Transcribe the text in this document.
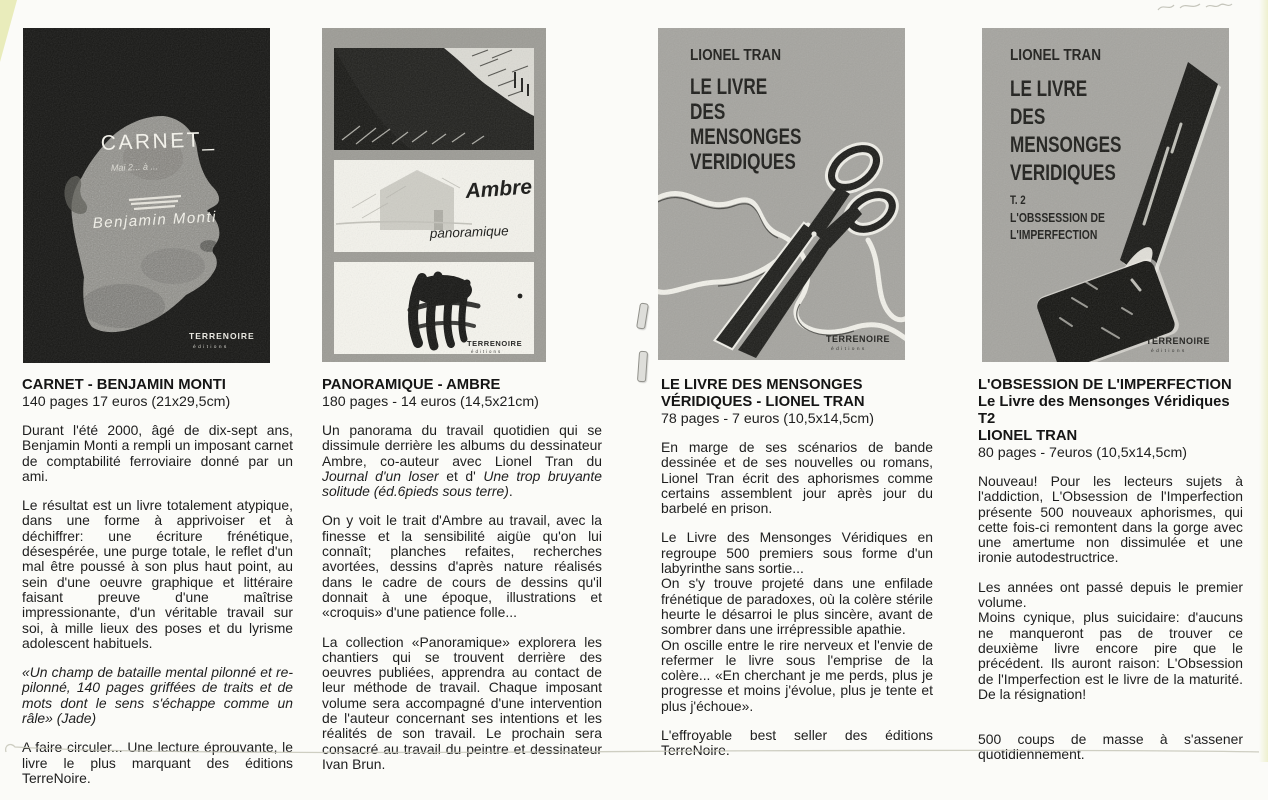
CARNET_
Mai 2... à ...
Benjamin Monti
TERRENOIRE
éditions
Ambre
panoramique
TERRENOIRE
éditions
LIONEL TRAN
LE LIVRE
DES
MENSONGES
VERIDIQUES
TERRENOIRE
éditions
LIONEL TRAN
LE LIVRE
DES
MENSONGES
VERIDIQUES
T. 2
L'OBSSESSION DE
L'IMPERFECTION
TERRENOIRE
éditions
CARNET - BENJAMIN MONTI
140 pages 17 euros (21x29,5cm)

Durant l'été 2000, âgé de dix-sept ans, Benjamin Monti a rempli un imposant carnet de comptabilité ferroviaire donné par un ami.

Le résultat est un livre totalement atypique, dans une forme à apprivoiser et à déchiffrer: une écriture frénétique, désespérée, une purge totale, le reflet d'un mal être poussé à son plus haut point, au sein d'une oeuvre graphique et littéraire faisant preuve d'une maîtrise impressionante, d'un véritable travail sur soi, à mille lieux des poses et du lyrisme adolescent habituels.

«Un champ de bataille mental pilonné et re-pilonné, 140 pages griffées de traits et de mots dont le sens s'échappe comme un râle» (Jade)

A faire circuler... Une lecture éprouvante, le livre le plus marquant des éditions TerreNoire.

PANORAMIQUE - AMBRE
180 pages - 14 euros (14,5x21cm)

Un panorama du travail quotidien qui se dissimule derrière les albums du dessinateur Ambre, co-auteur avec Lionel Tran du Journal d'un loser et d' Une trop bruyante solitude (éd.6pieds sous terre).

On y voit le trait d'Ambre au travail, avec la finesse et la sensibilité aigüe qu'on lui connaît; planches refaites, recherches avortées, dessins d'après nature réalisés dans le cadre de cours de dessins qu'il donnait à une époque, illustrations et «croquis» d'une patience folle...

La collection «Panoramique» explorera les chantiers qui se trouvent derrière des oeuvres publiées, apprendra au contact de leur méthode de travail. Chaque imposant volume sera accompagné d'une intervention de l'auteur concernant ses intentions et les réalités de son travail. Le prochain sera consacré au travail du peintre et dessinateur Ivan Brun.

LE LIVRE DES MENSONGES VÉRIDIQUES - LIONEL TRAN
78 pages - 7 euros (10,5x14,5cm)

En marge de ses scénarios de bande dessinée et de ses nouvelles ou romans, Lionel Tran écrit des aphorismes comme certains assemblent jour après jour du barbelé en prison.

Le Livre des Mensonges Véridiques en regroupe 500 premiers sous forme d'un labyrinthe sans sortie...

On s'y trouve projeté dans une enfilade frénétique de paradoxes, où la colère stérile heurte le désarroi le plus sincère, avant de sombrer dans une irrépressible apathie.

On oscille entre le rire nerveux et l'envie de refermer le livre sous l'emprise de la colère... «En cherchant je me perds, plus je progresse et moins j'évolue, plus je tente et plus j'échoue».

L'effroyable best seller des éditions TerreNoire.

L'OBSESSION DE L'IMPERFECTION
Le Livre des Mensonges Véridiques T2
LIONEL TRAN
80 pages - 7euros (10,5x14,5cm)

Nouveau! Pour les lecteurs sujets à l'addiction, L'Obsession de l'Imperfection présente 500 nouveaux aphorismes, qui cette fois-ci remontent dans la gorge avec une amertume non dissimulée et une ironie autodestructrice.

Les années ont passé depuis le premier volume.

Moins cynique, plus suicidaire: d'aucuns ne manqueront pas de trouver ce deuxième livre encore pire que le précédent. Ils auront raison: L'Obsession de l'Imperfection est le livre de la maturité. De la résignation!

500 coups de masse à s'assener quotidiennement.
